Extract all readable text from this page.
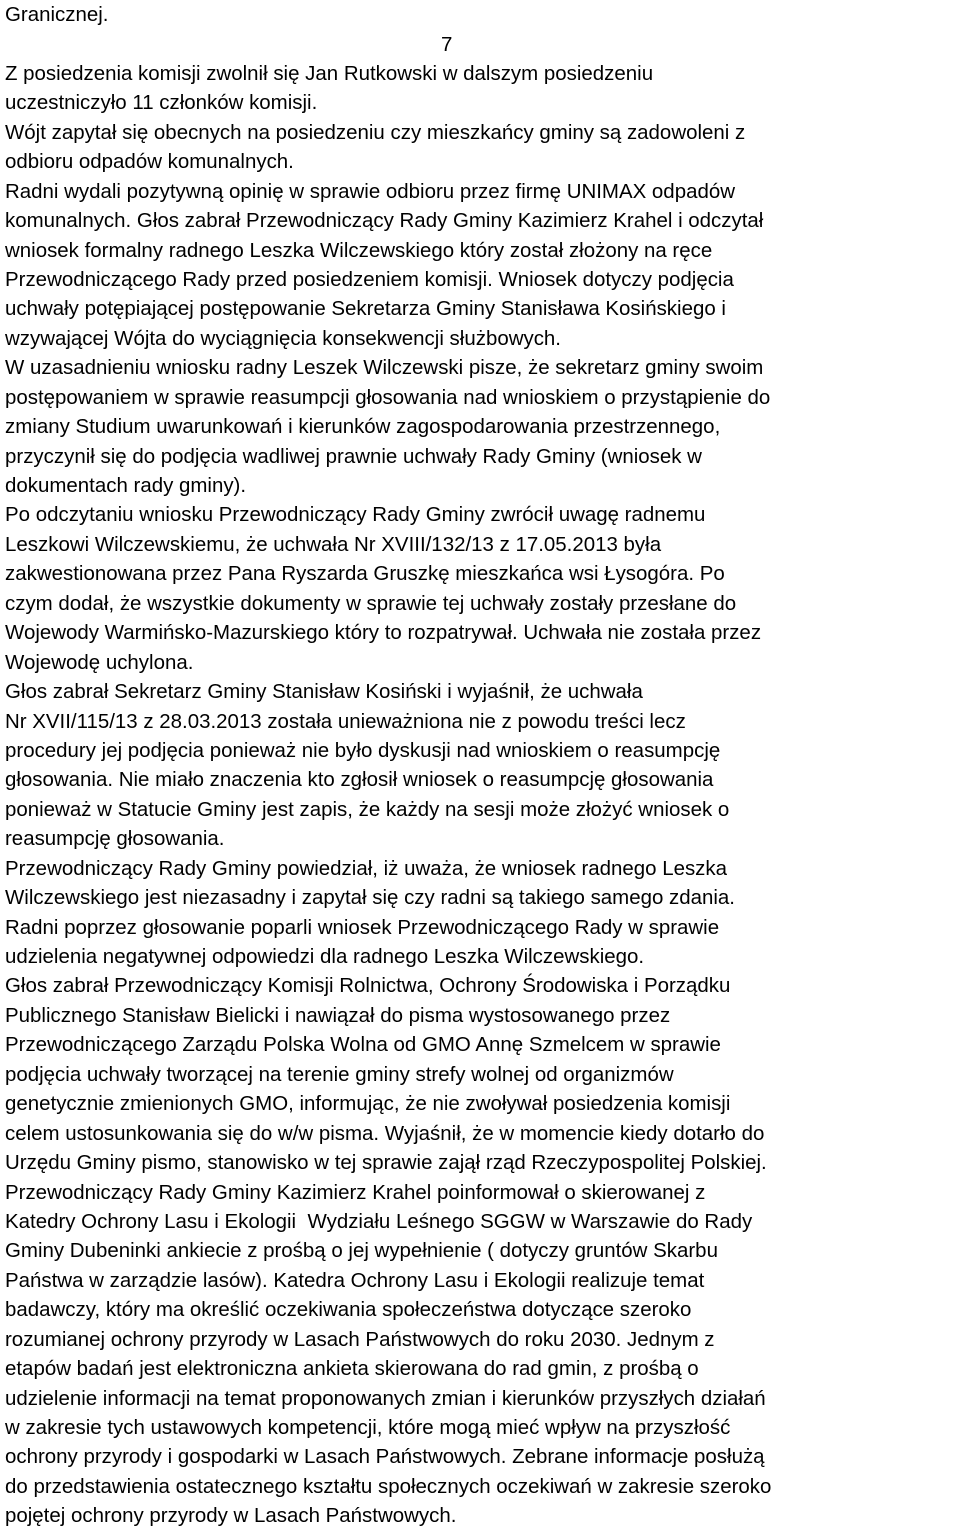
7
Granicznej.
Z posiedzenia komisji zwolnił się Jan Rutkowski w dalszym posiedzeniu
uczestniczyło 11 członków komisji.
Wójt zapytał się obecnych na posiedzeniu czy mieszkańcy gminy są zadowoleni z
odbioru odpadów komunalnych.
Radni wydali pozytywną opinię w sprawie odbioru przez firmę UNIMAX odpadów
komunalnych. Głos zabrał Przewodniczący Rady Gminy Kazimierz Krahel i odczytał
wniosek formalny radnego Leszka Wilczewskiego który został złożony na ręce
Przewodniczącego Rady przed posiedzeniem komisji. Wniosek dotyczy podjęcia
uchwały potępiającej postępowanie Sekretarza Gminy Stanisława Kosińskiego i
wzywającej Wójta do wyciągnięcia konsekwencji służbowych.
W uzasadnieniu wniosku radny Leszek Wilczewski pisze, że sekretarz gminy swoim
postępowaniem w sprawie reasumpcji głosowania nad wnioskiem o przystąpienie do
zmiany Studium uwarunkowań i kierunków zagospodarowania przestrzennego,
przyczynił się do podjęcia wadliwej prawnie uchwały Rady Gminy (wniosek w
dokumentach rady gminy).
Po odczytaniu wniosku Przewodniczący Rady Gminy zwrócił uwagę radnemu
Leszkowi Wilczewskiemu, że uchwała Nr XVIII/132/13 z 17.05.2013 była
zakwestionowana przez Pana Ryszarda Gruszkę mieszkańca wsi Łysogóra. Po
czym dodał, że wszystkie dokumenty w sprawie tej uchwały zostały przesłane do
Wojewody Warmińsko-Mazurskiego który to rozpatrywał. Uchwała nie została przez
Wojewodę uchylona.
Głos zabrał Sekretarz Gminy Stanisław Kosiński i wyjaśnił, że uchwała
Nr XVII/115/13 z 28.03.2013 została unieważniona nie z powodu treści lecz
procedury jej podjęcia ponieważ nie było dyskusji nad wnioskiem o reasumpcję
głosowania. Nie miało znaczenia kto zgłosił wniosek o reasumpcję głosowania
ponieważ w Statucie Gminy jest zapis, że każdy na sesji może złożyć wniosek o
reasumpcję głosowania.
Przewodniczący Rady Gminy powiedział, iż uważa, że wniosek radnego Leszka
Wilczewskiego jest niezasadny i zapytał się czy radni są takiego samego zdania.
Radni poprzez głosowanie poparli wniosek Przewodniczącego Rady w sprawie
udzielenia negatywnej odpowiedzi dla radnego Leszka Wilczewskiego.
Głos zabrał Przewodniczący Komisji Rolnictwa, Ochrony Środowiska i Porządku
Publicznego Stanisław Bielicki i nawiązał do pisma wystosowanego przez
Przewodniczącego Zarządu Polska Wolna od GMO Annę Szmelcem w sprawie
podjęcia uchwały tworzącej na terenie gminy strefy wolnej od organizmów
genetycznie zmienionych GMO, informując, że nie zwoływał posiedzenia komisji
celem ustosunkowania się do w/w pisma. Wyjaśnił, że w momencie kiedy dotarło do
Urzędu Gminy pismo, stanowisko w tej sprawie zajął rząd Rzeczypospolitej Polskiej.
Przewodniczący Rady Gminy Kazimierz Krahel poinformował o skierowanej z
Katedry Ochrony Lasu i Ekologii  Wydziału Leśnego SGGW w Warszawie do Rady
Gminy Dubeninki ankiecie z prośbą o jej wypełnienie ( dotyczy gruntów Skarbu
Państwa w zarządzie lasów). Katedra Ochrony Lasu i Ekologii realizuje temat
badawczy, który ma określić oczekiwania społeczeństwa dotyczące szeroko
rozumianej ochrony przyrody w Lasach Państwowych do roku 2030. Jednym z
etapów badań jest elektroniczna ankieta skierowana do rad gmin, z prośbą o
udzielenie informacji na temat proponowanych zmian i kierunków przyszłych działań
w zakresie tych ustawowych kompetencji, które mogą mieć wpływ na przyszłość
ochrony przyrody i gospodarki w Lasach Państwowych. Zebrane informacje posłużą
do przedstawienia ostatecznego kształtu społecznych oczekiwań w zakresie szeroko
pojętej ochrony przyrody w Lasach Państwowych.
